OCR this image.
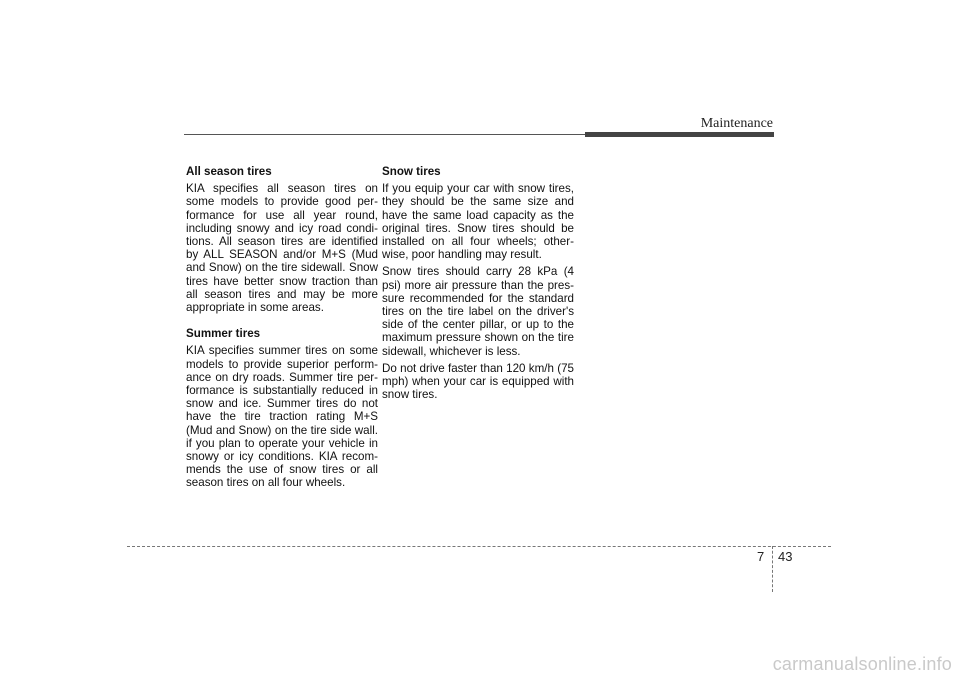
Maintenance
All season tires
KIA specifies all season tires on some models to provide good performance for use all year round, including snowy and icy road conditions. All season tires are identified by ALL SEASON and/or M+S (Mud and Snow) on the tire sidewall. Snow tires have better snow traction than all season tires and may be more appropriate in some areas.
Summer tires
KIA specifies summer tires on some models to provide superior performance on dry roads. Summer tire performance is substantially reduced in snow and ice. Summer tires do not have the tire traction rating M+S (Mud and Snow) on the tire side wall. if you plan to operate your vehicle in snowy or icy conditions. KIA recommends the use of snow tires or all season tires on all four wheels.
Snow tires
If you equip your car with snow tires, they should be the same size and have the same load capacity as the original tires. Snow tires should be installed on all four wheels; otherwise, poor handling may result.
Snow tires should carry 28 kPa (4 psi) more air pressure than the pressure recommended for the standard tires on the tire label on the driver's side of the center pillar, or up to the maximum pressure shown on the tire sidewall, whichever is less.
Do not drive faster than 120 km/h (75 mph) when your car is equipped with snow tires.
7 43
carmanualsonline.info
